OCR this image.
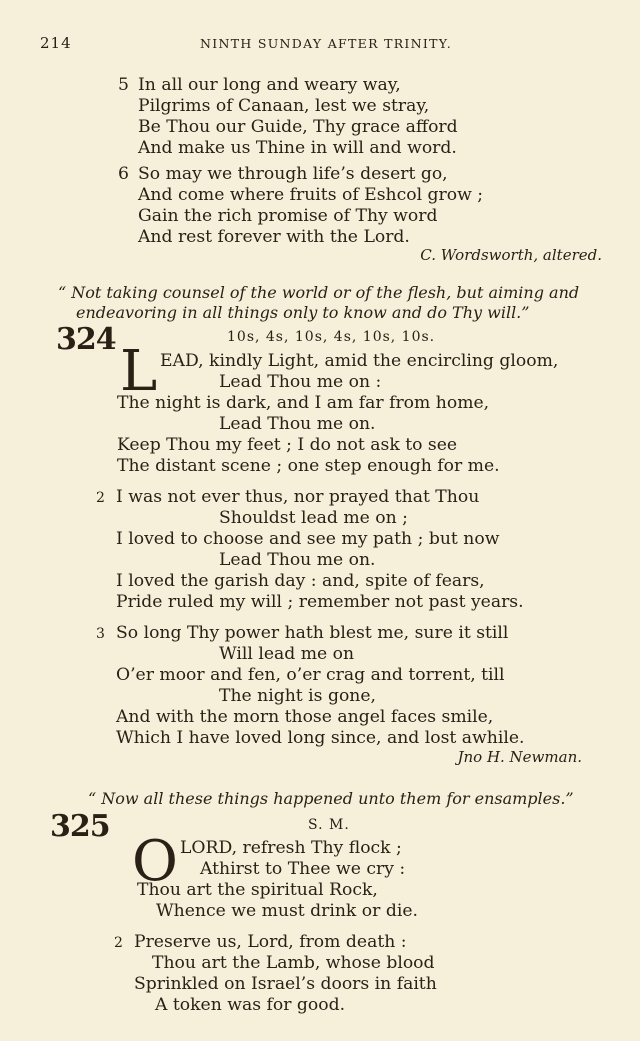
214	NINTH SUNDAY AFTER TRINITY.
5 In all our long and weary way,
Pilgrims of Canaan, lest we stray,
Be Thou our Guide, Thy grace afford
And make us Thine in will and word.
6 So may we through life’s desert go,
And come where fruits of Eshcol grow ;
Gain the rich promise of Thy word
And rest forever with the Lord.
C. Wordsworth, altered.
“ Not taking counsel of the world or of the flesh, but aiming and
endeavoring in all things only to know and do Thy will.”
324	10s, 4s, 10s, 4s, 10s, 10s.
L EAD, kindly Light, amid the encircling gloom,
Lead Thou me on :
The night is dark, and I am far from home,
Lead Thou me on.
Keep Thou my feet ; I do not ask to see
The distant scene ; one step enough for me.
2 I was not ever thus, nor prayed that Thou
Shouldst lead me on ;
I loved to choose and see my path ; but now
Lead Thou me on.
I loved the garish day : and, spite of fears,
Pride ruled my will ; remember not past years.
3 So long Thy power hath blest me, sure it still
Will lead me on
O’er moor and fen, o’er crag and torrent, till
The night is gone,
And with the morn those angel faces smile,
Which I have loved long since, and lost awhile.
Jno H. Newman.
“ Now all these things happened unto them for ensamples.”
325	S. M.
O LORD, refresh Thy flock ;
Athirst to Thee we cry :
Thou art the spiritual Rock,
Whence we must drink or die.
2 Preserve us, Lord, from death :
Thou art the Lamb, whose blood
Sprinkled on Israel’s doors in faith
A token was for good.
